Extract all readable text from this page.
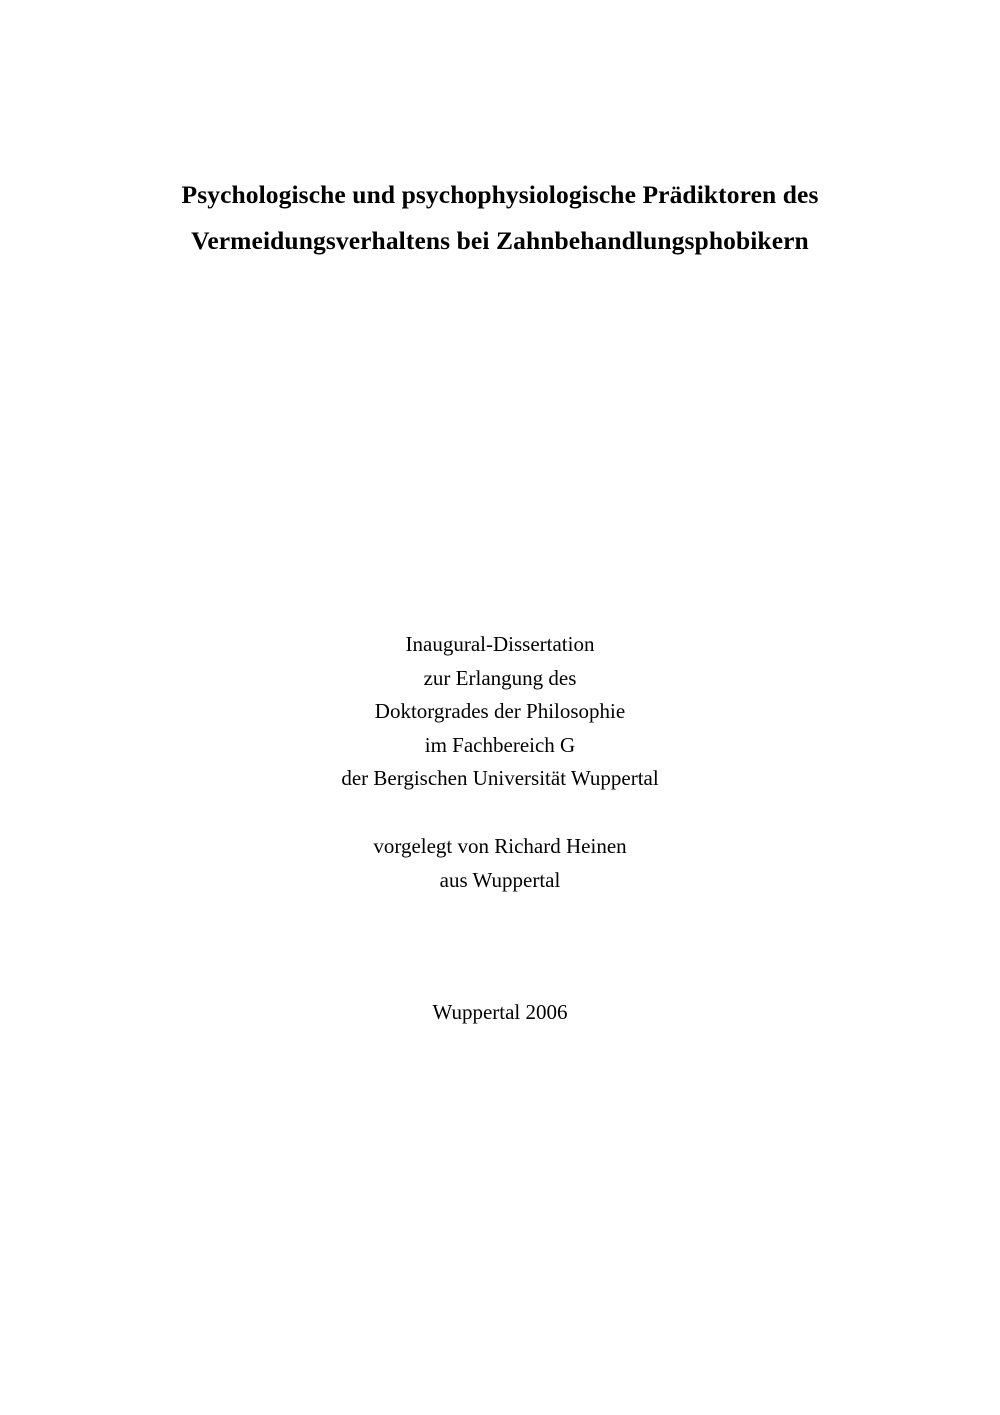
Psychologische und psychophysiologische Prädiktoren des
Vermeidungsverhaltens bei Zahnbehandlungsphobikern
Inaugural-Dissertation
zur Erlangung des
Doktorgrades der Philosophie
im Fachbereich G
der Bergischen Universität Wuppertal
vorgelegt von Richard Heinen
aus Wuppertal
Wuppertal 2006
